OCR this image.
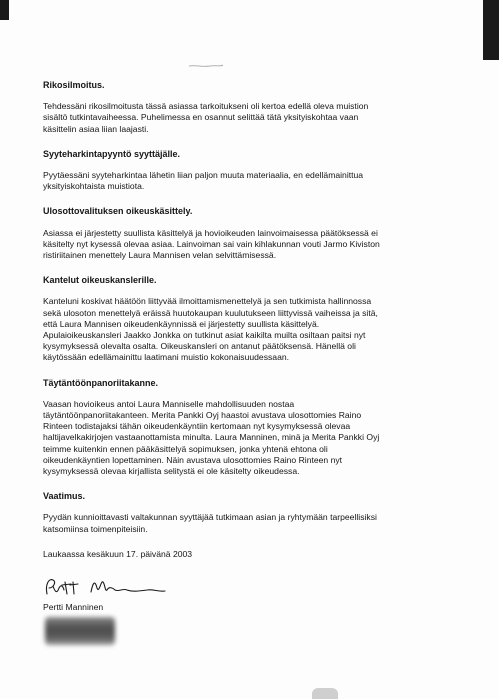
Rikosilmoitus.
Tehdessäni rikosilmoitusta tässä asiassa tarkoitukseni oli kertoa edellä oleva muistion
sisältö tutkintavaiheessa. Puhelimessa en osannut selittää tätä yksityiskohtaa vaan
käsittelin asiaa liian laajasti.
Syyteharkintapyyntö syyttäjälle.
Pyytäessäni syyteharkintaa lähetin liian paljon muuta materiaalia, en edellämainittua
yksityiskohtaista muistiota.
Ulosottovalituksen oikeuskäsittely.
Asiassa ei järjestetty suullista käsittelyä ja hovioikeuden lainvoimaisessa päätöksessä ei
käsitelty nyt kysessä olevaa asiaa. Lainvoiman sai vain kihlakunnan vouti Jarmo Kiviston
ristiriitainen menettely Laura Mannisen velan selvittämisessä.
Kantelut oikeuskanslerille.
Kanteluni koskivat häätöön liittyvää ilmoittamismenettelyä ja sen tutkimista hallinnossa
sekä ulosoton menettelyä eräissä huutokaupan kuulutukseen liittyvissä vaiheissa ja sitä,
että Laura Mannisen oikeudenkäynnissä ei järjestetty suullista käsittelyä.
Apulaioikeuskansleri Jaakko Jonkka on tutkinut asiat kaikilta muilta osiltaan paitsi nyt
kysymyksessä olevalta osalta. Oikeuskansleri on antanut päätöksensä. Hänellä oli
käytössään edellämainittu laatimani muistio kokonaisuudessaan.
Täytäntöönpanoriitakanne.
Vaasan hovioikeus antoi Laura Manniselle mahdollisuuden nostaa
täytäntöönpanoriitakanteen. Merita Pankki Oyj haastoi avustava ulosottomies Raino
Rinteen todistajaksi tähän oikeudenkäyntiin kertomaan nyt kysymyksessä olevaa
haltijavelkakirjojen vastaanottamista minulta. Laura Manninen, minä ja Merita Pankki Oyj
teimme kuitenkin ennen pääkäsittelyä sopimuksen, jonka yhtenä ehtona oli
oikeudenkäyntien lopettaminen. Näin avustava ulosottomies Raino Rinteen nyt
kysymyksessä olevaa kirjallista selitystä ei ole käsitelty oikeudessa.
Vaatimus.
Pyydän kunnioittavasti valtakunnan syyttäjää tutkimaan asian ja ryhtymään tarpeellisiksi
katsomiinsa toimenpiteisiin.
Laukaassa kesäkuun 17. päivänä 2003
Pertti Manninen
